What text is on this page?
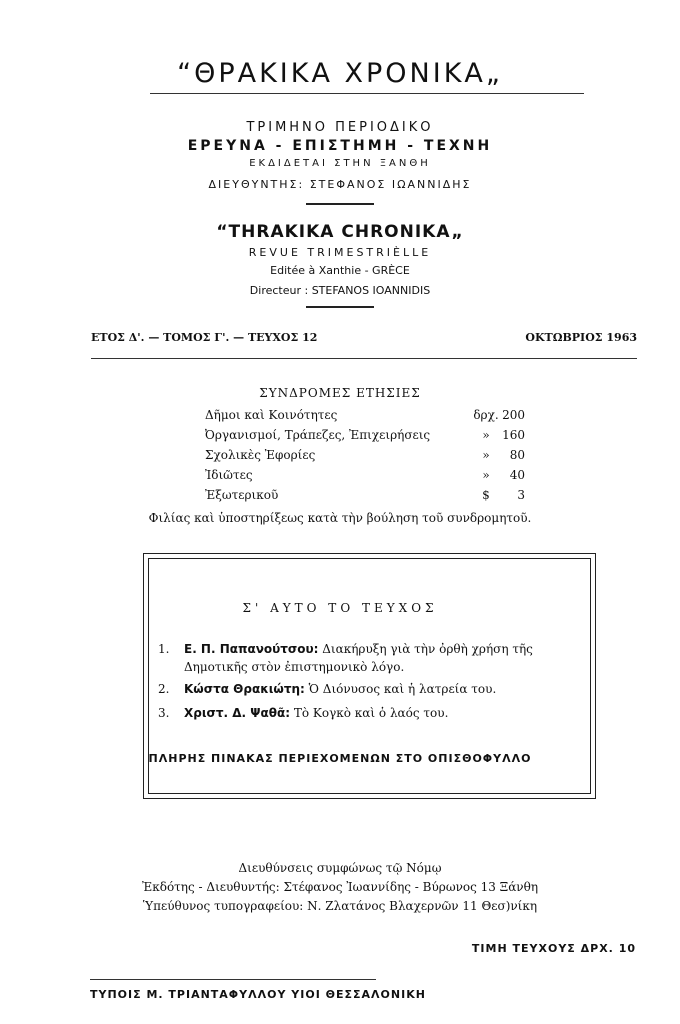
“ΘΡΑΚΙΚΑ ΧΡΟΝΙΚΑ„
ΤΡΙΜΗΝΟ ΠΕΡΙΟΔΙΚΟ
ΕΡΕΥΝΑ - ΕΠΙΣΤΗΜΗ - ΤΕΧΝΗ
ΕΚΔΙΔΕΤΑΙ ΣΤΗΝ ΞΑΝΘΗ
ΔΙΕΥΘΥΝΤΗΣ: ΣΤΕΦΑΝΟΣ ΙΩΑΝΝΙΔΗΣ
“THRAKIKA CHRONIKA„
REVUE TRIMESTRIÈLLE
Editée à Xanthie - GRÈCE
Directeur : STEFANOS IOANNIDIS
ΕΤΟΣ Δ'. — ΤΟΜΟΣ Γ'. — ΤΕΥΧΟΣ 12	ΟΚΤΩΒΡΙΟΣ 1963
ΣΥΝΔΡΟΜΕΣ ΕΤΗΣΙΕΣ
Δῆμοι καὶ Κοινότητες	δρχ. 200
Ὀργανισμοί, Τράπεζες, Ἐπιχειρήσεις	»	160
Σχολικὲς Ἐφορίες	»	80
Ἰδιῶτες	»	40
Ἐξωτερικοῦ	$	3
Φιλίας καὶ ὑποστηρίξεως κατὰ τὴν βούληση τοῦ συνδρομητοῦ.
Σ' ΑΥΤΟ ΤΟ ΤΕΥΧΟΣ
1. Ε. Π. Παπανούτσου: Διακήρυξη γιὰ τὴν ὀρθὴ χρήση τῆς
Δημοτικῆς στὸν ἐπιστημονικὸ λόγο.
2. Κώστα Θρακιώτη: Ὁ Διόνυσος καὶ ἡ λατρεία του.
3. Χριστ. Δ. Ψαθᾶ: Τὸ Κογκὸ καὶ ὁ λαός του.
ΠΛΗΡΗΣ ΠΙΝΑΚΑΣ ΠΕΡΙΕΧΟΜΕΝΩΝ ΣΤΟ ΟΠΙΣΘΟΦΥΛΛΟ
Διευθύνσεις συμφώνως τῷ Νόμῳ
Ἐκδότης - Διευθυντής: Στέφανος Ἰωαννίδης - Βύρωνος 13 Ξάνθη
Ὑπεύθυνος τυπογραφείου: Ν. Ζλατάνος Βλαχερνῶν 11 Θεσ)νίκη
ΤΙΜΗ ΤΕΥΧΟΥΣ ΔΡΧ. 10
ΤΥΠΟΙΣ Μ. ΤΡΙΑΝΤΑΦΥΛΛΟΥ ΥΙΟΙ ΘΕΣΣΑΛΟΝΙΚΗ
